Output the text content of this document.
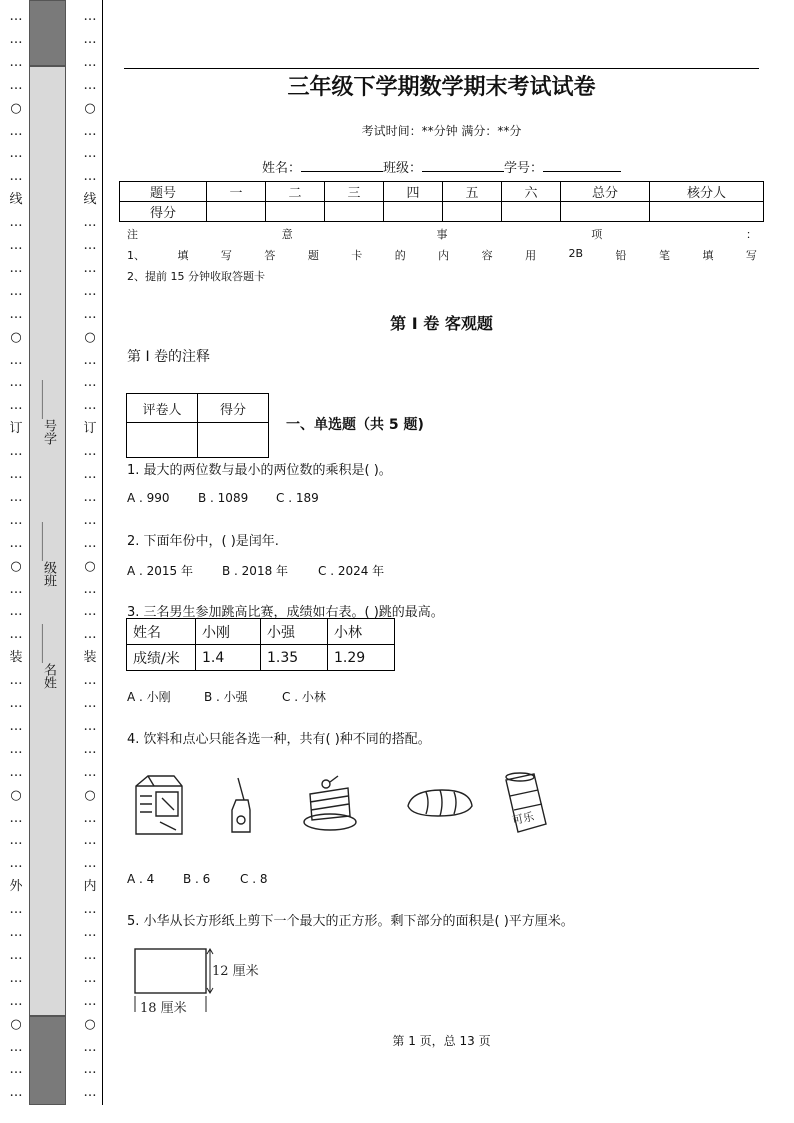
…
…
…
…
○
…
…
…
线
…
…
…
…
…
○
…
…
…
订
…
…
…
…
…
○
…
…
…
装
…
…
…
…
…
○
…
…
…
外
…
…
…
…
…
○
…
…
…
______号学
______级班
______名姓
…
…
…
…
○
…
…
…
线
…
…
…
…
…
○
…
…
…
订
…
…
…
…
…
○
…
…
…
装
…
…
…
…
…
○
…
…
…
内
…
…
…
…
…
○
…
…
…
三年级下学期数学期末考试试卷
考试时间：**分钟 满分：**分
姓名：	班级：	学号：
题号	一	二	三	四	五	六	总分	核分人
得分								
注	意	事	项	：
1、	填	写	答	题	卡	的	内	容	用	2B	铅	笔	填	写
2、提前 15 分钟收取答题卡
第 Ⅰ 卷 客观题
第 Ⅰ 卷的注释
评卷人	得分

一、单选题（共 5 题)
1. 最大的两位数与最小的两位数的乘积是( )。
A . 990 B . 1089 C . 189
2. 下面年份中，( )是闰年.
A . 2015 年 B . 2018 年 C . 2024 年
3. 三名男生参加跳高比赛，成绩如右表。( )跳的最高。
姓名	小刚	小强	小林
成绩/米	1.4	1.35	1.29
A . 小刚	B . 小强	C . 小林
4. 饮料和点心只能各选一种，共有( )种不同的搭配。
可乐
A . 4 B . 6 C . 8
5. 小华从长方形纸上剪下一个最大的正方形。剩下部分的面积是( )平方厘米。
12 厘米
18 厘米
第 1 页，总 13 页
